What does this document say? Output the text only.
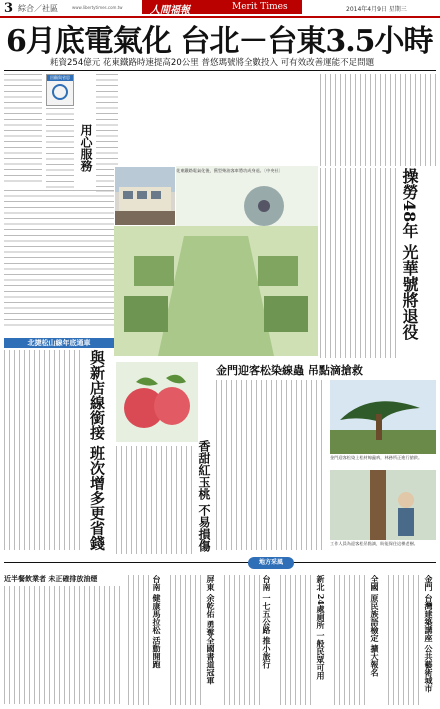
3 綜合／社區	www.libertytimes.com.tw	人間福報	Merit Times	2014年4月9日 星期三
6月底電氣化 台北－台東3.5小時
耗資254億元 花東鐵路時速提高20公里 普悠瑪號將全數投入 可有效改善運能不足問題
回顧與省思
用心服務	花東鐵路電氣化後，舊型柴油客車將功成身退。〔中央社〕	操勞48年 光華號將退役
北捷松山線年底通車
與新店線銜接 班次增多更省錢	香甜紅玉桃 不易損傷
金門迎客松染線蟲 吊點滴搶救
金門迎客松染上松材線蟲病，林務所正進行搶救。
工作人員為迎客松吊點滴，盼能保住這棵老樹。
地方采風
近半餐飲業者 未正確排放油煙	台南 健康馬拉松 活動開跑	屏東 余乾佑 勇奪全國書道冠軍	台南 一七五公路 推小旅行	新北 24處廁所 一般民眾可用	全國 原民族語檢定 擴大報名	金門 台灣建築講座 公共藝術城市
